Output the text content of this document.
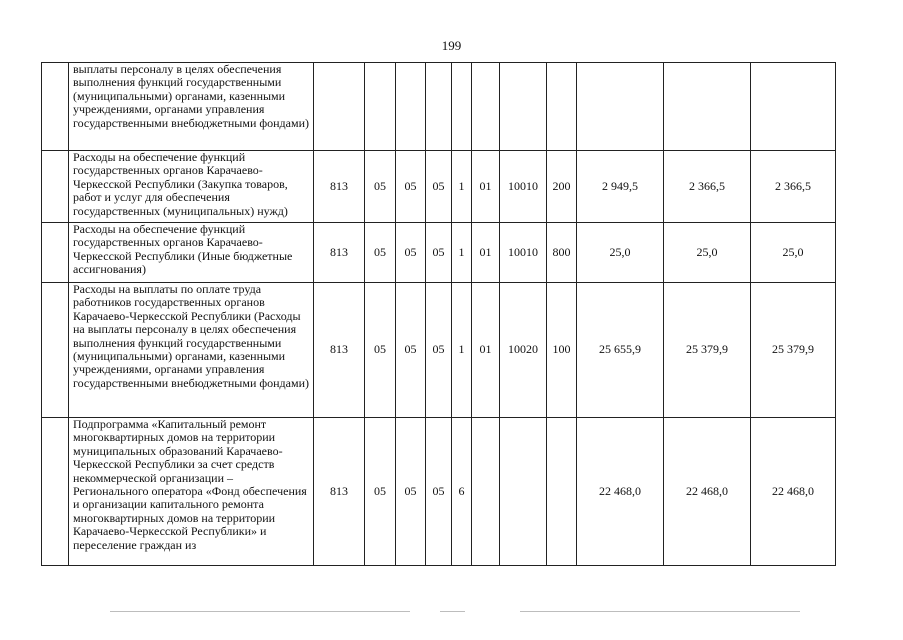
199
	выплаты персоналу в целях обеспечения выполнения функций государственными (муниципальными) органами, казенными учреждениями, органами управления государственными внебюджетными фондами)											
	Расходы на обеспечение функций государственных органов Карачаево-Черкесской Республики (Закупка товаров, работ и услуг для обеспечения государственных (муниципальных) нужд)	813	05	05	05	1	01	10010	200	2 949,5	2 366,5	2 366,5
	Расходы на обеспечение функций государственных органов Карачаево-Черкесской Республики (Иные бюджетные ассигнования)	813	05	05	05	1	01	10010	800	25,0	25,0	25,0
	Расходы на выплаты по оплате труда работников государственных органов Карачаево-Черкесской Республики (Расходы на выплаты персоналу в целях обеспечения выполнения функций государственными (муниципальными) органами, казенными учреждениями, органами управления государственными внебюджетными фондами)	813	05	05	05	1	01	10020	100	25 655,9	25 379,9	25 379,9
	Подпрограмма «Капитальный ремонт многоквартирных домов на территории муниципальных образований Карачаево-Черкесской Республики за счет средств некоммерческой организации – Регионального оператора «Фонд обеспечения и организации капитального ремонта многоквартирных домов на территории Карачаево-Черкесской Республики» и переселение граждан из	813	05	05	05	6				22 468,0	22 468,0	22 468,0
